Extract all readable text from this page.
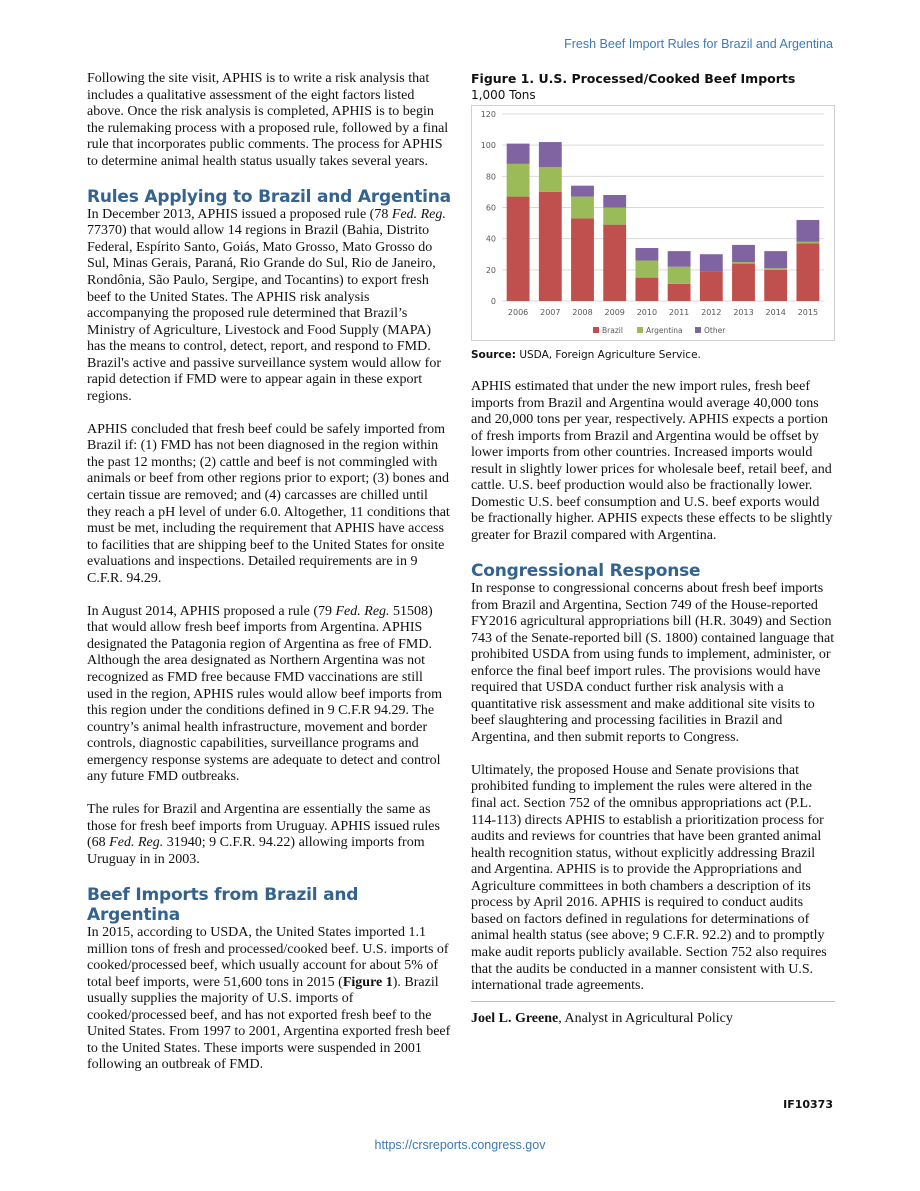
Fresh Beef Import Rules for Brazil and Argentina

Following the site visit, APHIS is to write a risk analysis that includes a qualitative assessment of the eight factors listed above. Once the risk analysis is completed, APHIS is to begin the rulemaking process with a proposed rule, followed by a final rule that incorporates public comments. The process for APHIS to determine animal health status usually takes several years.

Rules Applying to Brazil and Argentina

In December 2013, APHIS issued a proposed rule (78 Fed. Reg. 77370) that would allow 14 regions in Brazil (Bahia, Distrito Federal, Espírito Santo, Goiás, Mato Grosso, Mato Grosso do Sul, Minas Gerais, Paraná, Rio Grande do Sul, Rio de Janeiro, Rondônia, São Paulo, Sergipe, and Tocantins) to export fresh beef to the United States. The APHIS risk analysis accompanying the proposed rule determined that Brazil’s Ministry of Agriculture, Livestock and Food Supply (MAPA) has the means to control, detect, report, and respond to FMD. Brazil's active and passive surveillance system would allow for rapid detection if FMD were to appear again in these export regions.

APHIS concluded that fresh beef could be safely imported from Brazil if: (1) FMD has not been diagnosed in the region within the past 12 months; (2) cattle and beef is not commingled with animals or beef from other regions prior to export; (3) bones and certain tissue are removed; and (4) carcasses are chilled until they reach a pH level of under 6.0. Altogether, 11 conditions that must be met, including the requirement that APHIS have access to facilities that are shipping beef to the United States for onsite evaluations and inspections. Detailed requirements are in 9 C.F.R. 94.29.

In August 2014, APHIS proposed a rule (79 Fed. Reg. 51508) that would allow fresh beef imports from Argentina. APHIS designated the Patagonia region of Argentina as free of FMD. Although the area designated as Northern Argentina was not recognized as FMD free because FMD vaccinations are still used in the region, APHIS rules would allow beef imports from this region under the conditions defined in 9 C.F.R 94.29. The country’s animal health infrastructure, movement and border controls, diagnostic capabilities, surveillance programs and emergency response systems are adequate to detect and control any future FMD outbreaks.

The rules for Brazil and Argentina are essentially the same as those for fresh beef imports from Uruguay. APHIS issued rules (68 Fed. Reg. 31940; 9 C.F.R. 94.22) allowing imports from Uruguay in in 2003.

Beef Imports from Brazil and Argentina

In 2015, according to USDA, the United States imported 1.1 million tons of fresh and processed/cooked beef. U.S. imports of cooked/processed beef, which usually account for about 5% of total beef imports, were 51,600 tons in 2015 (Figure 1). Brazil usually supplies the majority of U.S. imports of cooked/processed beef, and has not exported fresh beef to the United States. From 1997 to 2001, Argentina exported fresh beef to the United States. These imports were suspended in 2001 following an outbreak of FMD.

Figure 1. U.S. Processed/Cooked Beef Imports
1,000 Tons
0
20
40
60
80
100
120
2006 2007 2008 2009 2010 2011 2012 2013 2014 2015
Brazil	Argentina	Other
Source: USDA, Foreign Agriculture Service.

APHIS estimated that under the new import rules, fresh beef imports from Brazil and Argentina would average 40,000 tons and 20,000 tons per year, respectively. APHIS expects a portion of fresh imports from Brazil and Argentina would be offset by lower imports from other countries. Increased imports would result in slightly lower prices for wholesale beef, retail beef, and cattle. U.S. beef production would also be fractionally lower. Domestic U.S. beef consumption and U.S. beef exports would be fractionally higher. APHIS expects these effects to be slightly greater for Brazil compared with Argentina.

Congressional Response

In response to congressional concerns about fresh beef imports from Brazil and Argentina, Section 749 of the House-reported FY2016 agricultural appropriations bill (H.R. 3049) and Section 743 of the Senate-reported bill (S. 1800) contained language that prohibited USDA from using funds to implement, administer, or enforce the final beef import rules. The provisions would have required that USDA conduct further risk analysis with a quantitative risk assessment and make additional site visits to beef slaughtering and processing facilities in Brazil and Argentina, and then submit reports to Congress.

Ultimately, the proposed House and Senate provisions that prohibited funding to implement the rules were altered in the final act. Section 752 of the omnibus appropriations act (P.L. 114-113) directs APHIS to establish a prioritization process for audits and reviews for countries that have been granted animal health recognition status, without explicitly addressing Brazil and Argentina. APHIS is to provide the Appropriations and Agriculture committees in both chambers a description of its process by April 2016. APHIS is required to conduct audits based on factors defined in regulations for determinations of animal health status (see above; 9 C.F.R. 92.2) and to promptly make audit reports publicly available. Section 752 also requires that the audits be conducted in a manner consistent with U.S. international trade agreements.

Joel L. Greene, Analyst in Agricultural Policy
IF10373
https://crsreports.congress.gov
